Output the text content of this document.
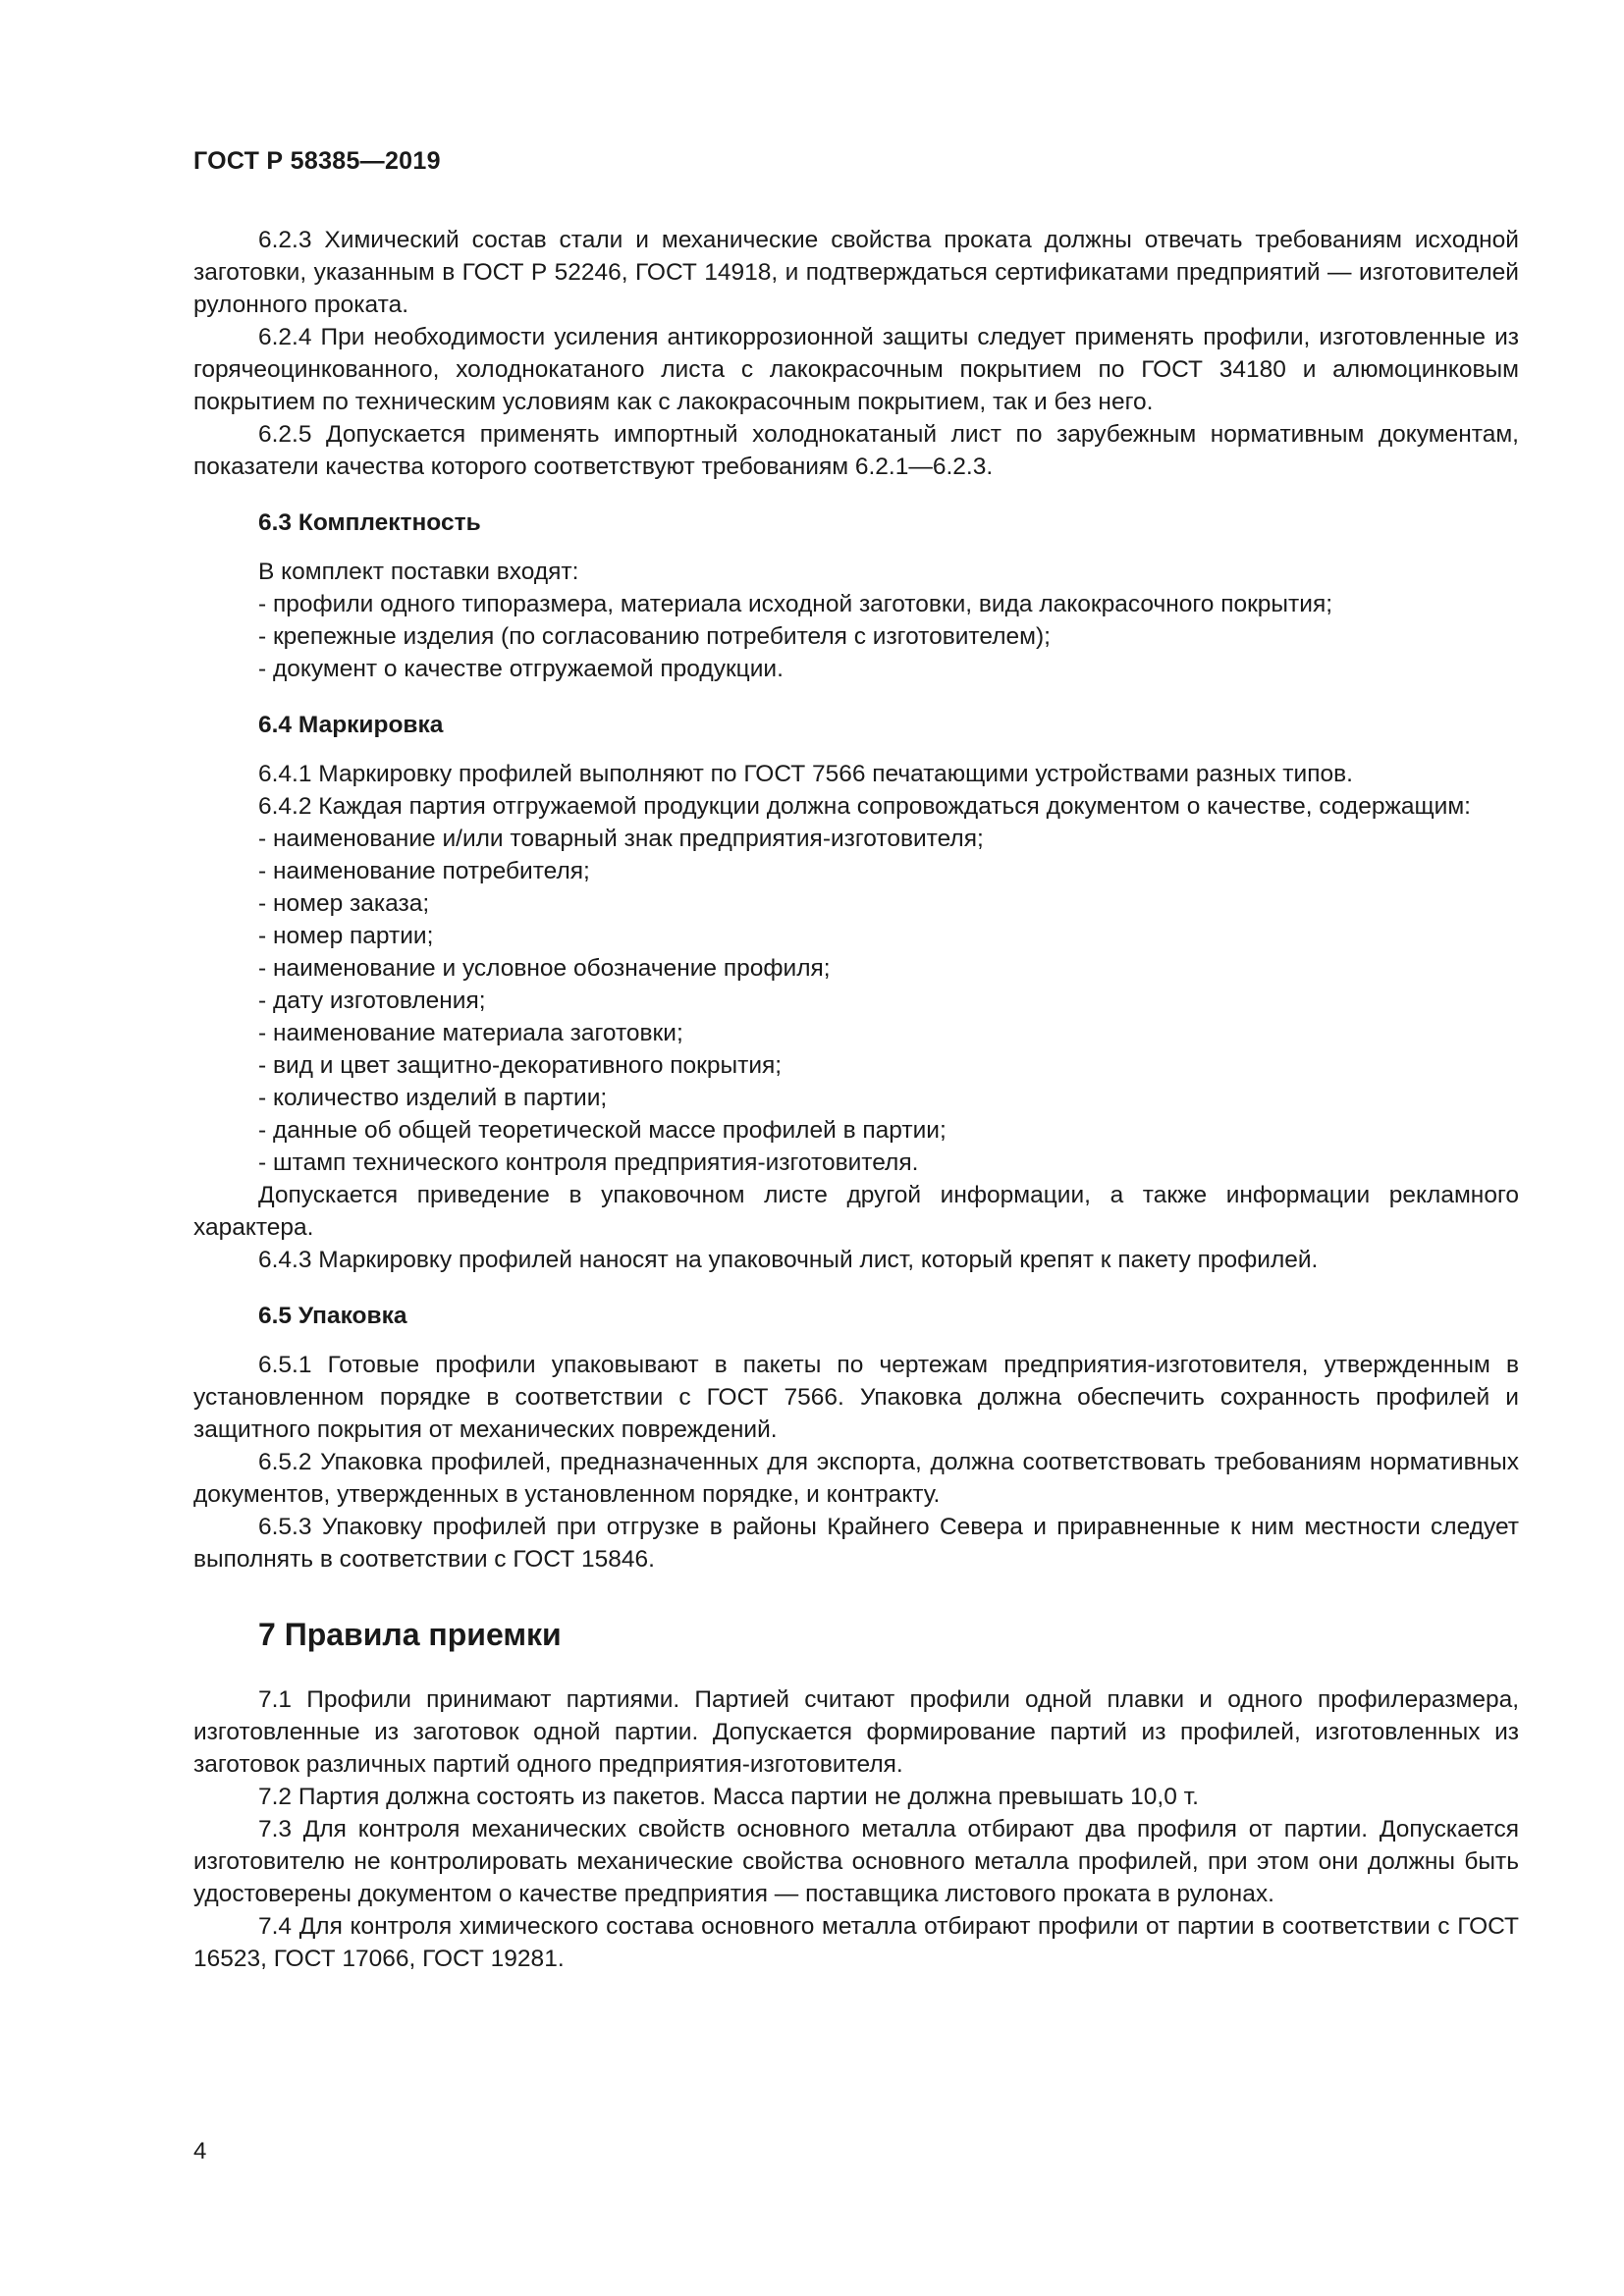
ГОСТ Р 58385—2019

6.2.3 Химический состав стали и механические свойства проката должны отвечать требованиям исходной заготовки, указанным в ГОСТ Р 52246, ГОСТ 14918, и подтверждаться сертификатами предприятий — изготовителей рулонного проката.

6.2.4 При необходимости усиления антикоррозионной защиты следует применять профили, изготовленные из горячеоцинкованного, холоднокатаного листа с лакокрасочным покрытием по ГОСТ 34180 и алюмоцинковым покрытием по техническим условиям как с лакокрасочным покрытием, так и без него.

6.2.5 Допускается применять импортный холоднокатаный лист по зарубежным нормативным документам, показатели качества которого соответствуют требованиям 6.2.1—6.2.3.

6.3 Комплектность

В комплект поставки входят:

- профили одного типоразмера, материала исходной заготовки, вида лакокрасочного покрытия;

- крепежные изделия (по согласованию потребителя с изготовителем);

- документ о качестве отгружаемой продукции.

6.4 Маркировка

6.4.1 Маркировку профилей выполняют по ГОСТ 7566 печатающими устройствами разных типов.

6.4.2 Каждая партия отгружаемой продукции должна сопровождаться документом о качестве, содержащим:

- наименование и/или товарный знак предприятия-изготовителя;

- наименование потребителя;

- номер заказа;

- номер партии;

- наименование и условное обозначение профиля;

- дату изготовления;

- наименование материала заготовки;

- вид и цвет защитно-декоративного покрытия;

- количество изделий в партии;

- данные об общей теоретической массе профилей в партии;

- штамп технического контроля предприятия-изготовителя.

Допускается приведение в упаковочном листе другой информации, а также информации рекламного характера.

6.4.3 Маркировку профилей наносят на упаковочный лист, который крепят к пакету профилей.

6.5 Упаковка

6.5.1 Готовые профили упаковывают в пакеты по чертежам предприятия-изготовителя, утвержденным в установленном порядке в соответствии с ГОСТ 7566. Упаковка должна обеспечить сохранность профилей и защитного покрытия от механических повреждений.

6.5.2 Упаковка профилей, предназначенных для экспорта, должна соответствовать требованиям нормативных документов, утвержденных в установленном порядке, и контракту.

6.5.3 Упаковку профилей при отгрузке в районы Крайнего Севера и приравненные к ним местности следует выполнять в соответствии с ГОСТ 15846.

7 Правила приемки

7.1 Профили принимают партиями. Партией считают профили одной плавки и одного профилеразмера, изготовленные из заготовок одной партии. Допускается формирование партий из профилей, изготовленных из заготовок различных партий одного предприятия-изготовителя.

7.2 Партия должна состоять из пакетов. Масса партии не должна превышать 10,0 т.

7.3 Для контроля механических свойств основного металла отбирают два профиля от партии. Допускается изготовителю не контролировать механические свойства основного металла профилей, при этом они должны быть удостоверены документом о качестве предприятия — поставщика листового проката в рулонах.

7.4 Для контроля химического состава основного металла отбирают профили от партии в соответствии с ГОСТ 16523, ГОСТ 17066, ГОСТ 19281.

4
